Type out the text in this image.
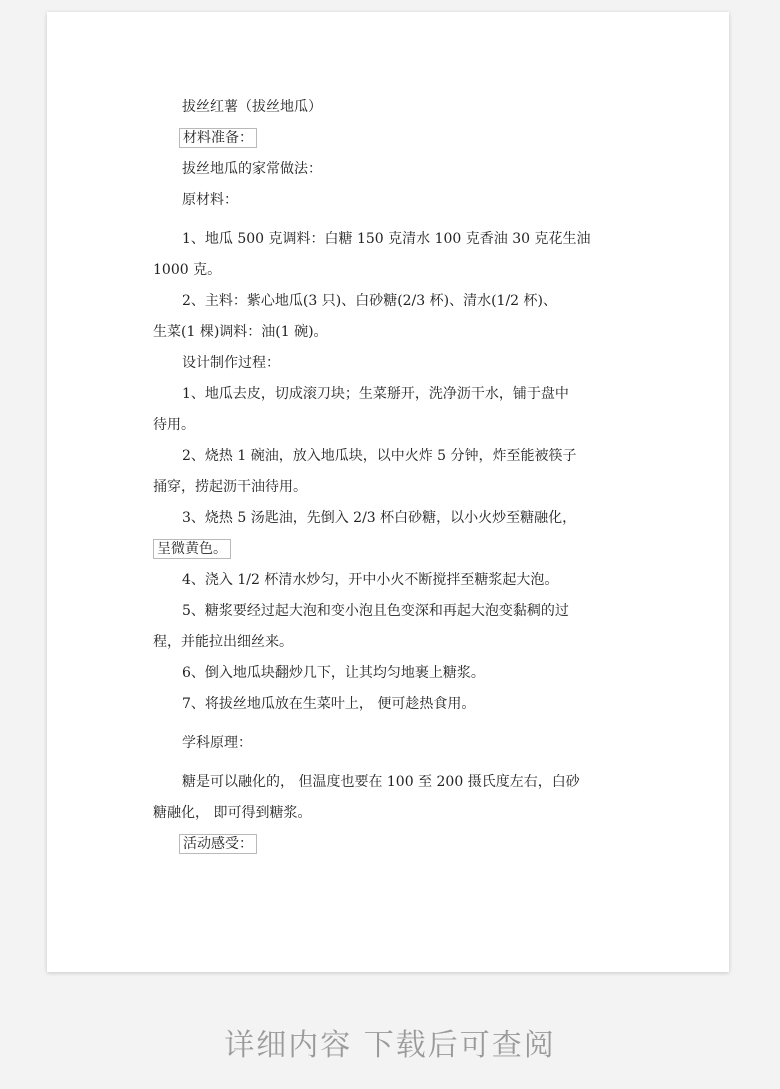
拔丝红薯（拔丝地瓜）
材料准备：
拔丝地瓜的家常做法：
原材料：
1、地瓜 500 克调料：白糖 150 克清水 100 克香油 30 克花生油
1000 克。
2、主料：紫心地瓜(3 只)、白砂糖(2/3 杯)、清水(1/2 杯)、
生菜(1 棵)调料：油(1 碗)。
设计制作过程：
1、地瓜去皮，切成滚刀块；生菜掰开，洗净沥干水，铺于盘中
待用。
2、烧热 1 碗油，放入地瓜块，以中火炸 5 分钟，炸至能被筷子
捅穿，捞起沥干油待用。
3、烧热 5 汤匙油，先倒入 2/3 杯白砂糖，以小火炒至糖融化，
呈微黄色。
4、浇入 1/2 杯清水炒匀，开中小火不断搅拌至糖浆起大泡。
5、糖浆要经过起大泡和变小泡且色变深和再起大泡变黏稠的过
程，并能拉出细丝来。
6、倒入地瓜块翻炒几下，让其均匀地裹上糖浆。
7、将拔丝地瓜放在生菜叶上， 便可趁热食用。
学科原理：
糖是可以融化的， 但温度也要在 100 至 200 摄氏度左右，白砂
糖融化， 即可得到糖浆。
活动感受：
详细内容 下载后可查阅
